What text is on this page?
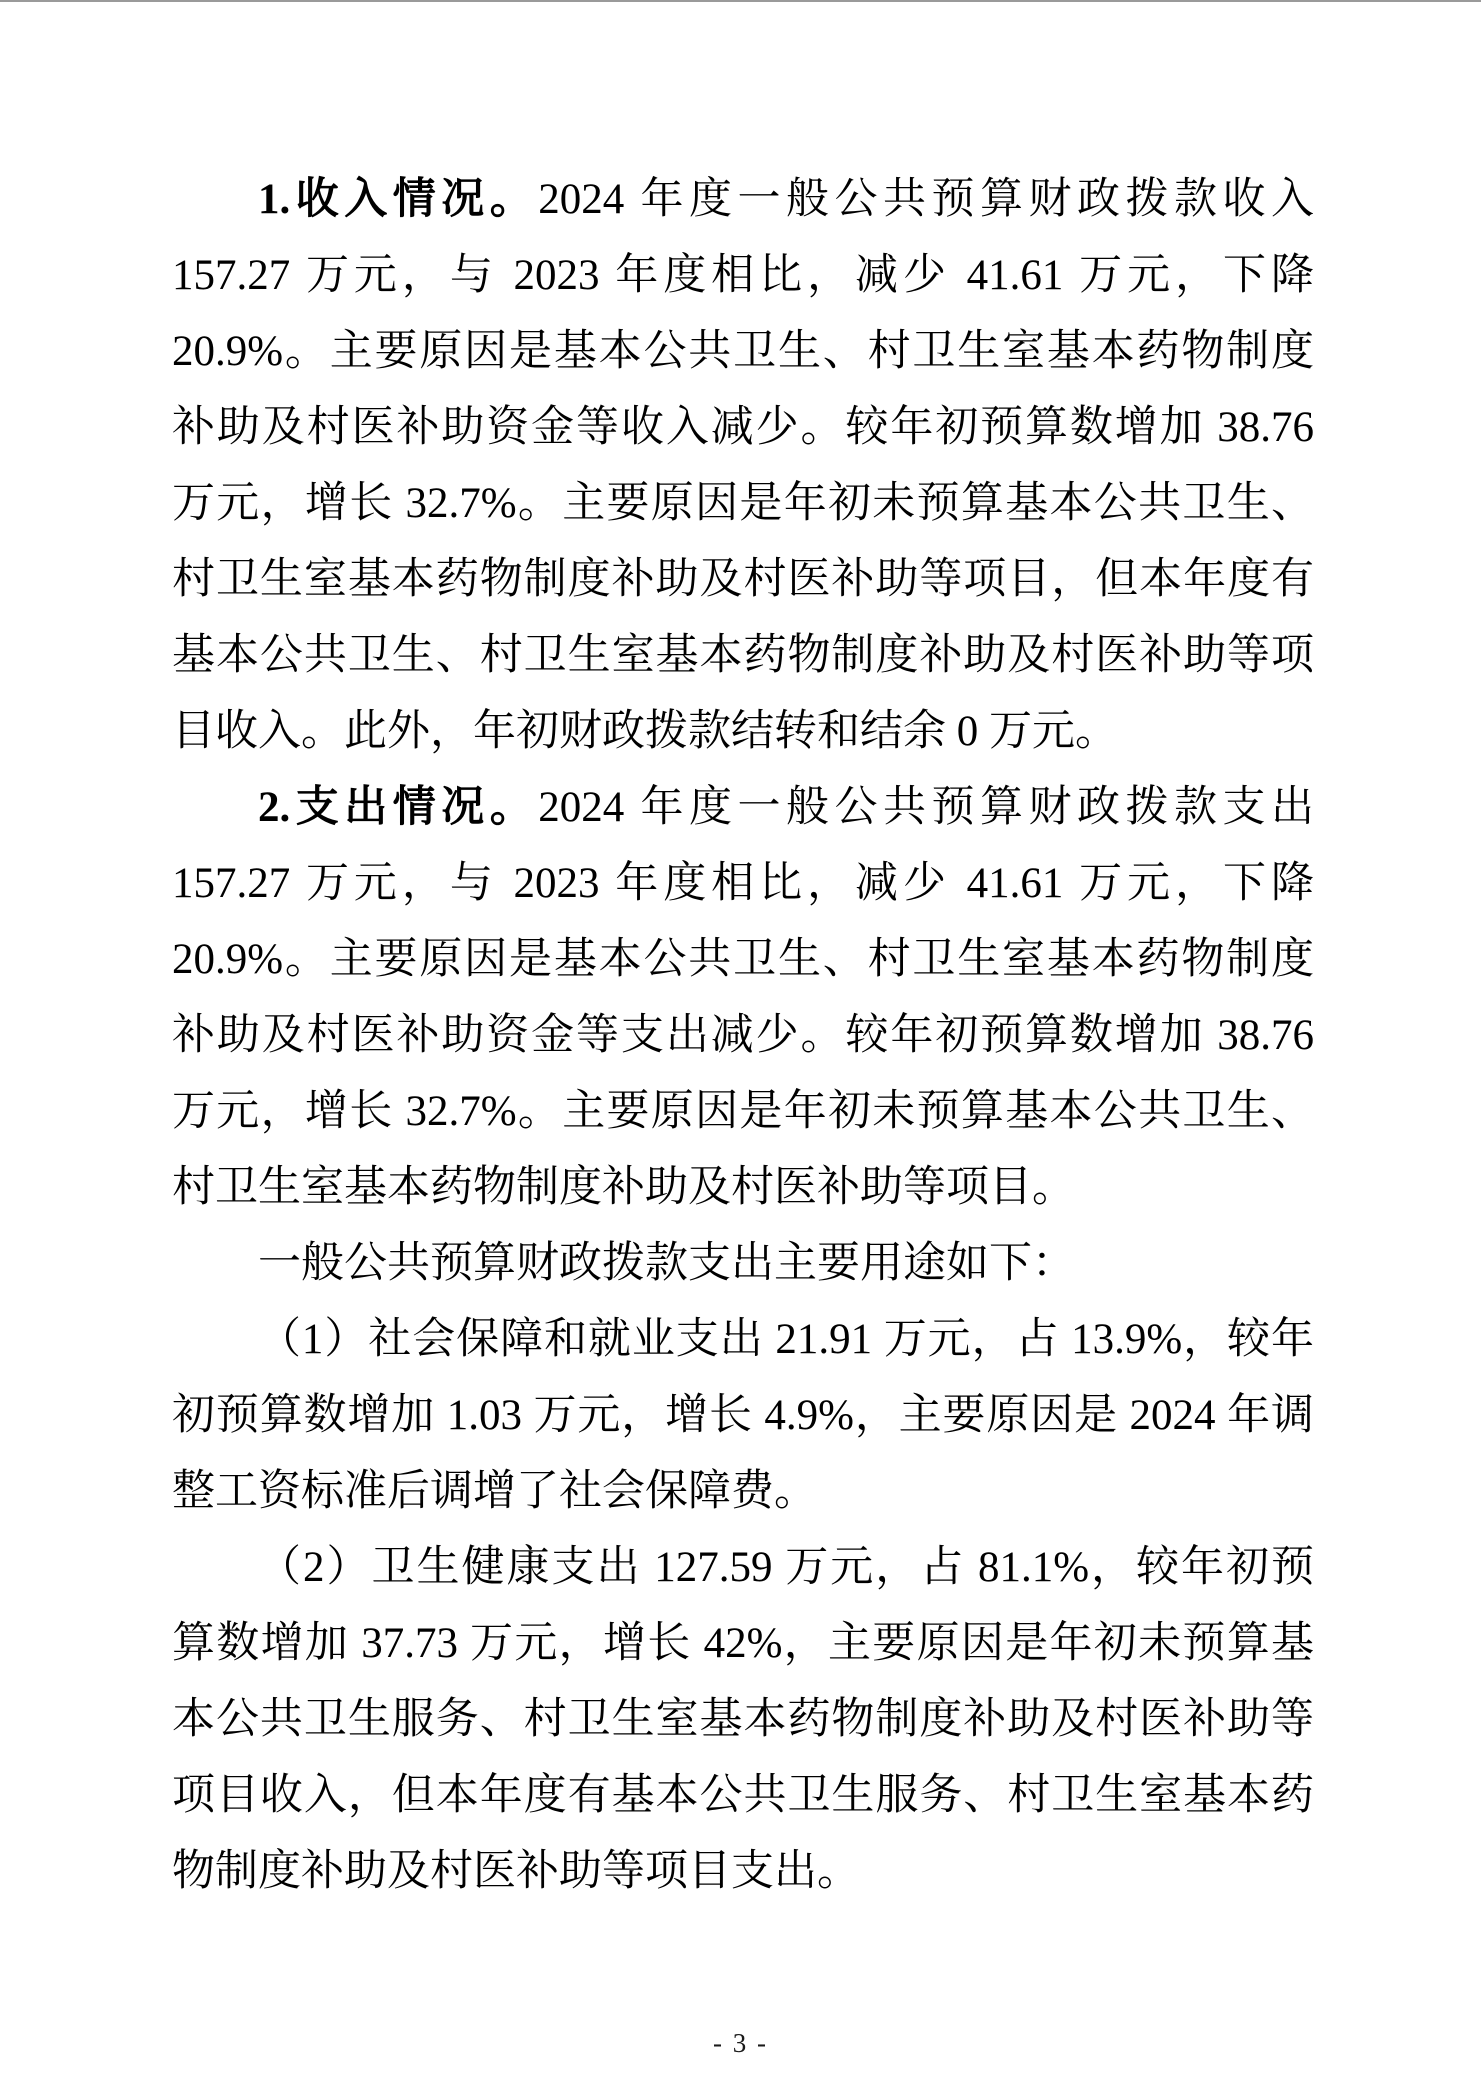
1.收入情况。2024 年度一般公共预算财政拨款收入 157.27 万元，与 2023 年度相比，减少 41.61 万元，下降 20.9%。主要原因是基本公共卫生、村卫生室基本药物制度补助及村医补助资金等收入减少。较年初预算数增加 38.76 万元，增长 32.7%。主要原因是年初未预算基本公共卫生、村卫生室基本药物制度补助及村医补助等项目，但本年度有基本公共卫生、村卫生室基本药物制度补助及村医补助等项目收入。此外，年初财政拨款结转和结余 0 万元。

2.支出情况。2024 年度一般公共预算财政拨款支出 157.27 万元，与 2023 年度相比，减少 41.61 万元，下降 20.9%。主要原因是基本公共卫生、村卫生室基本药物制度补助及村医补助资金等支出减少。较年初预算数增加 38.76 万元，增长 32.7%。主要原因是年初未预算基本公共卫生、村卫生室基本药物制度补助及村医补助等项目。

一般公共预算财政拨款支出主要用途如下：

（1）社会保障和就业支出 21.91 万元，占 13.9%，较年初预算数增加 1.03 万元，增长 4.9%，主要原因是 2024 年调整工资标准后调增了社会保障费。

（2）卫生健康支出 127.59 万元，占 81.1%，较年初预算数增加 37.73 万元，增长 42%，主要原因是年初未预算基本公共卫生服务、村卫生室基本药物制度补助及村医补助等项目收入，但本年度有基本公共卫生服务、村卫生室基本药物制度补助及村医补助等项目支出。

- 3 -
